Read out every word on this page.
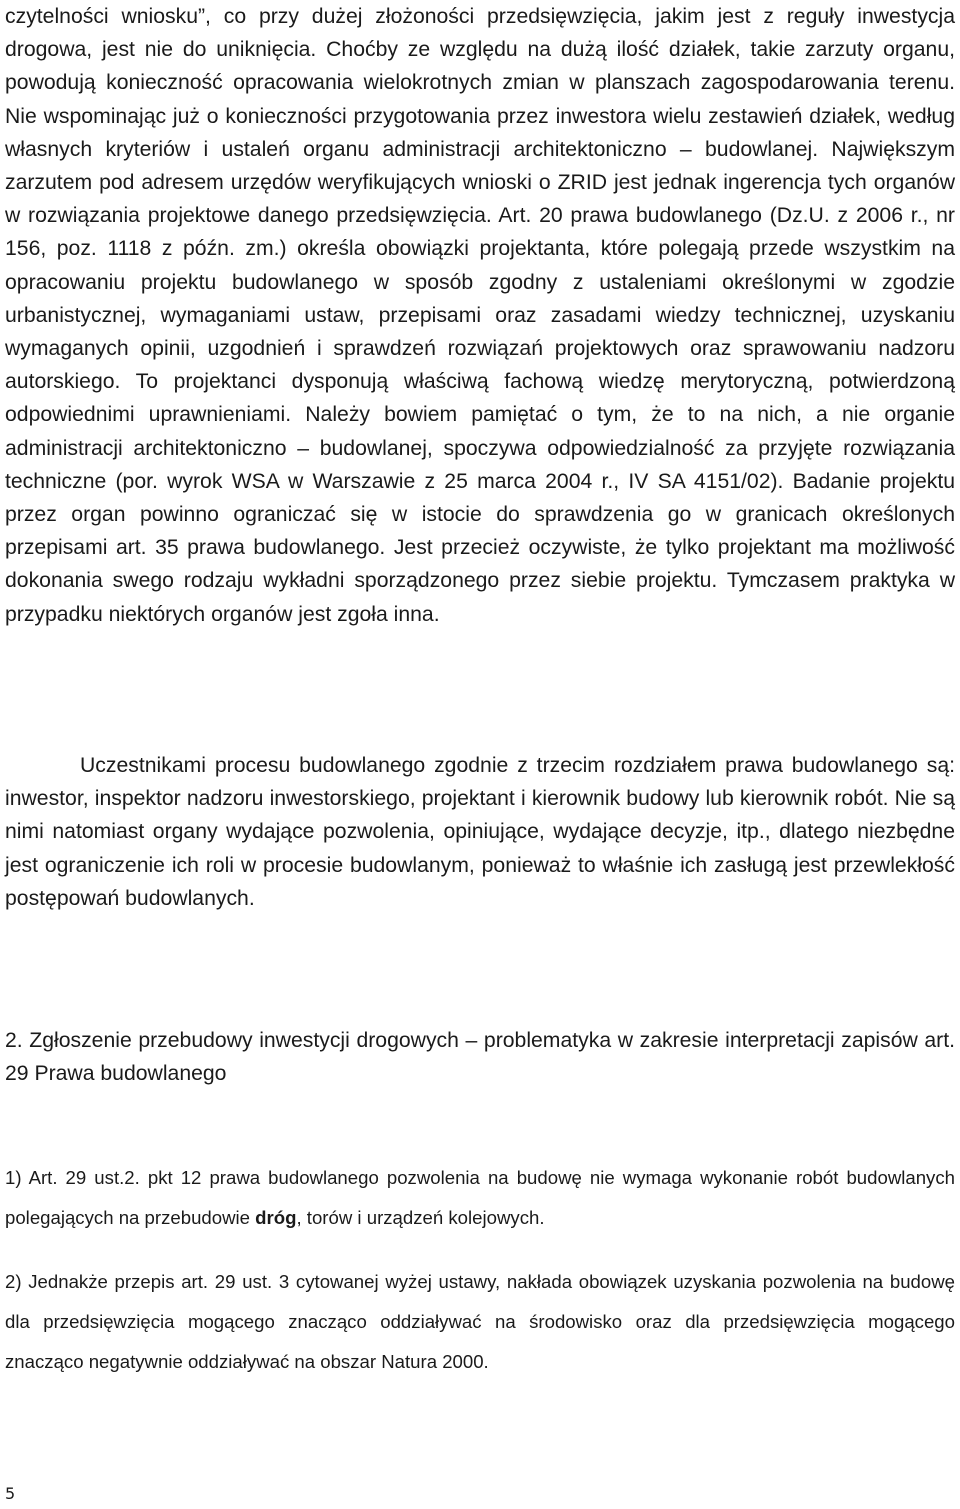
czytelności wniosku”, co przy dużej złożoności przedsięwzięcia, jakim jest z reguły inwestycja drogowa, jest nie do uniknięcia. Choćby ze względu na dużą ilość działek, takie zarzuty organu, powodują konieczność opracowania wielokrotnych zmian w planszach zagospodarowania terenu. Nie wspominając już o konieczności przygotowania przez inwestora wielu zestawień działek, według własnych kryteriów i ustaleń organu administracji architektoniczno – budowlanej. Największym zarzutem pod adresem urzędów weryfikujących wnioski o ZRID jest jednak ingerencja tych organów w rozwiązania projektowe danego przedsięwzięcia. Art. 20 prawa budowlanego (Dz.U. z 2006 r., nr 156, poz. 1118 z późn. zm.) określa obowiązki projektanta, które polegają przede wszystkim na opracowaniu projektu budowlanego w sposób zgodny z ustaleniami określonymi w zgodzie urbanistycznej, wymaganiami ustaw, przepisami oraz zasadami wiedzy technicznej, uzyskaniu wymaganych opinii, uzgodnień i sprawdzeń rozwiązań projektowych oraz sprawowaniu nadzoru autorskiego. To projektanci dysponują właściwą fachową wiedzę merytoryczną, potwierdzoną odpowiednimi uprawnieniami. Należy bowiem pamiętać o tym, że to na nich, a nie organie administracji architektoniczno – budowlanej, spoczywa odpowiedzialność za przyjęte rozwiązania techniczne (por. wyrok WSA w Warszawie z 25 marca 2004 r., IV SA 4151/02). Badanie projektu przez organ powinno ograniczać się w istocie do sprawdzenia go w granicach określonych przepisami art. 35 prawa budowlanego. Jest przecież oczywiste, że tylko projektant ma możliwość dokonania swego rodzaju wykładni sporządzonego przez siebie projektu. Tymczasem praktyka w przypadku niektórych organów jest zgoła inna.

Uczestnikami procesu budowlanego zgodnie z trzecim rozdziałem prawa budowlanego są: inwestor, inspektor nadzoru inwestorskiego, projektant i kierownik budowy lub kierownik robót. Nie są nimi natomiast organy wydające pozwolenia, opiniujące, wydające decyzje, itp., dlatego niezbędne jest ograniczenie ich roli w procesie budowlanym, ponieważ to właśnie ich zasługą jest przewlekłość postępowań budowlanych.

2. Zgłoszenie przebudowy inwestycji drogowych – problematyka w zakresie interpretacji zapisów art. 29 Prawa budowlanego

1) Art. 29 ust.2. pkt 12 prawa budowlanego pozwolenia na budowę nie wymaga wykonanie robót budowlanych polegających na przebudowie dróg, torów i urządzeń kolejowych.

2) Jednakże przepis art. 29 ust. 3 cytowanej wyżej ustawy, nakłada obowiązek uzyskania pozwolenia na budowę dla przedsięwzięcia mogącego znacząco oddziaływać na środowisko oraz dla przedsięwzięcia mogącego znacząco negatywnie oddziaływać na obszar Natura 2000.

5
